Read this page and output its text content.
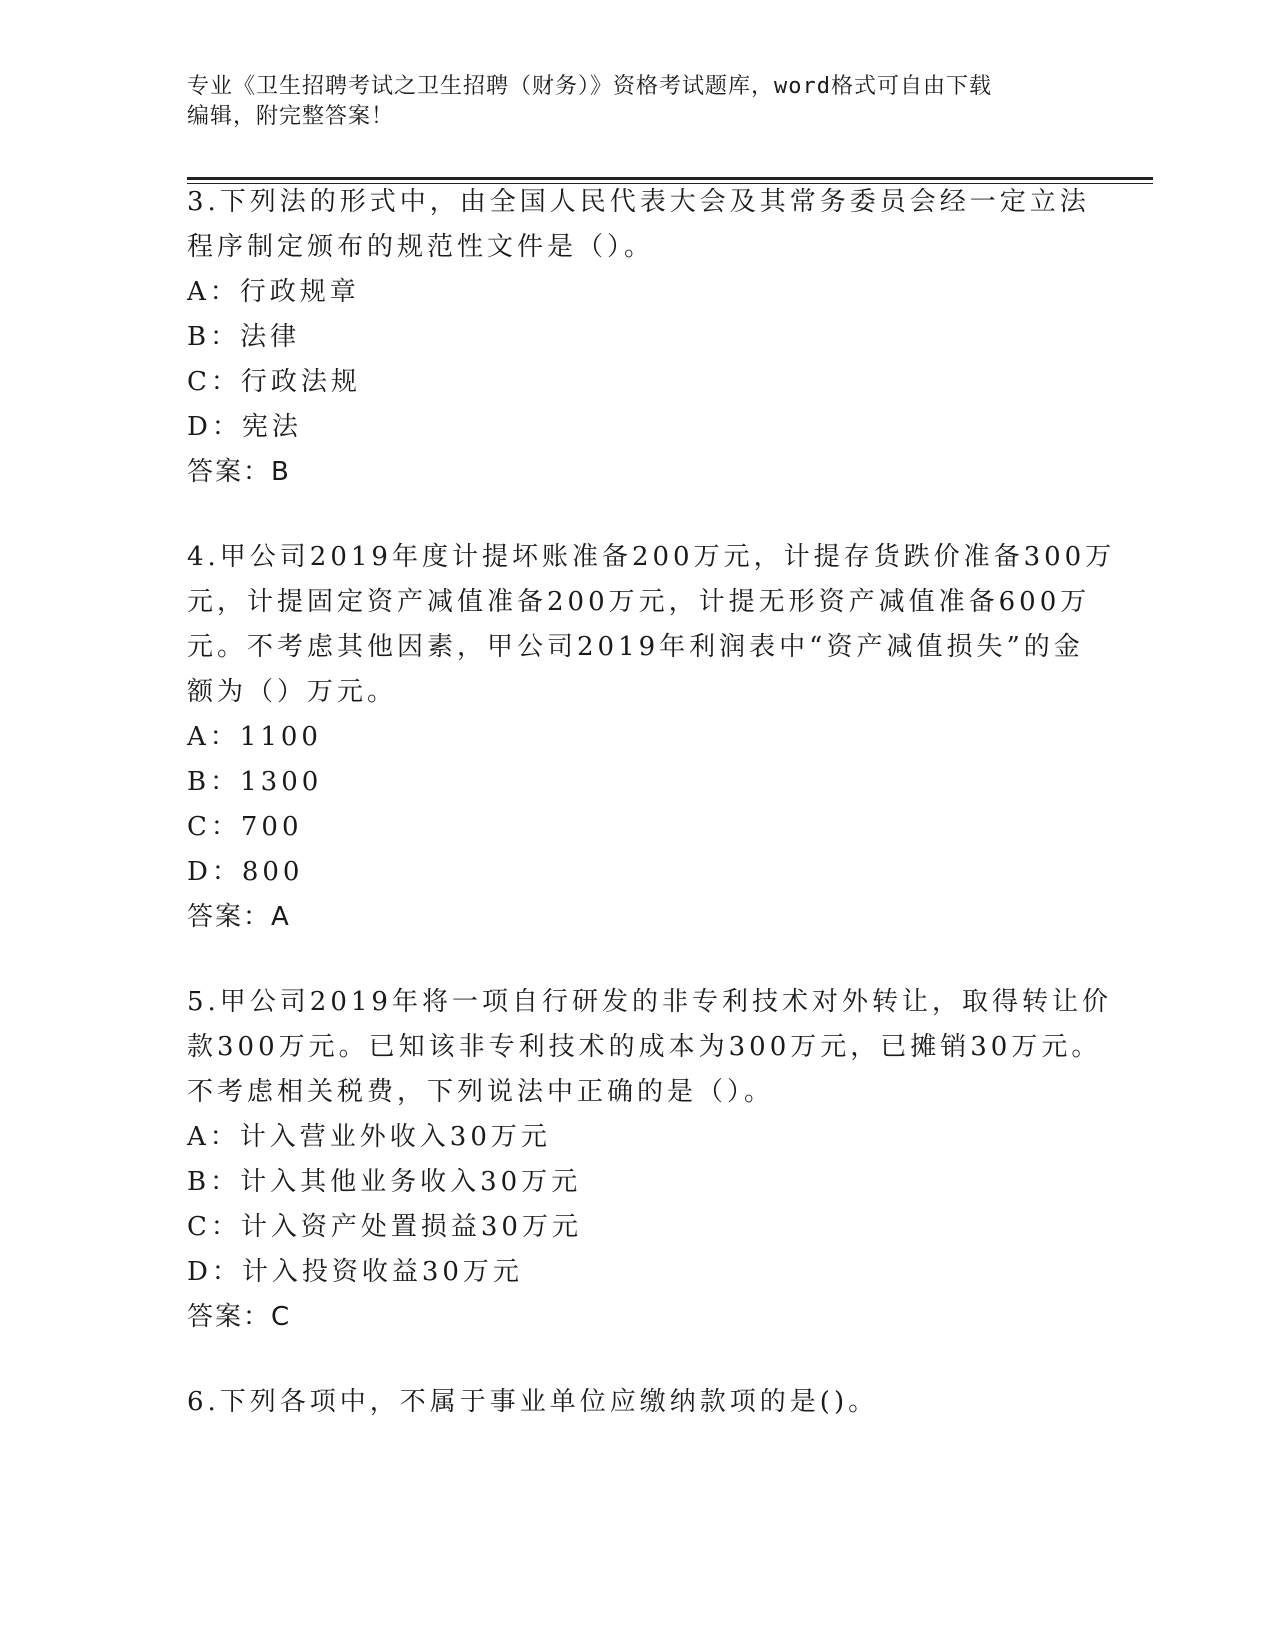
专业《卫生招聘考试之卫生招聘（财务）》资格考试题库，word格式可自由下载
编辑，附完整答案！
3.下列法的形式中，由全国人民代表大会及其常务委员会经一定立法
程序制定颁布的规范性文件是（）。
A：行政规章
B：法律
C：行政法规
D：宪法
答案：B
4.甲公司2019年度计提坏账准备200万元，计提存货跌价准备300万
元，计提固定资产减值准备200万元，计提无形资产减值准备600万
元。不考虑其他因素，甲公司2019年利润表中“资产减值损失”的金
额为（）万元。
A：1100
B：1300
C：700
D：800
答案：A
5.甲公司2019年将一项自行研发的非专利技术对外转让，取得转让价
款300万元。已知该非专利技术的成本为300万元，已摊销30万元。
不考虑相关税费，下列说法中正确的是（）。
A：计入营业外收入30万元
B：计入其他业务收入30万元
C：计入资产处置损益30万元
D：计入投资收益30万元
答案：C
6.下列各项中，不属于事业单位应缴纳款项的是()。
